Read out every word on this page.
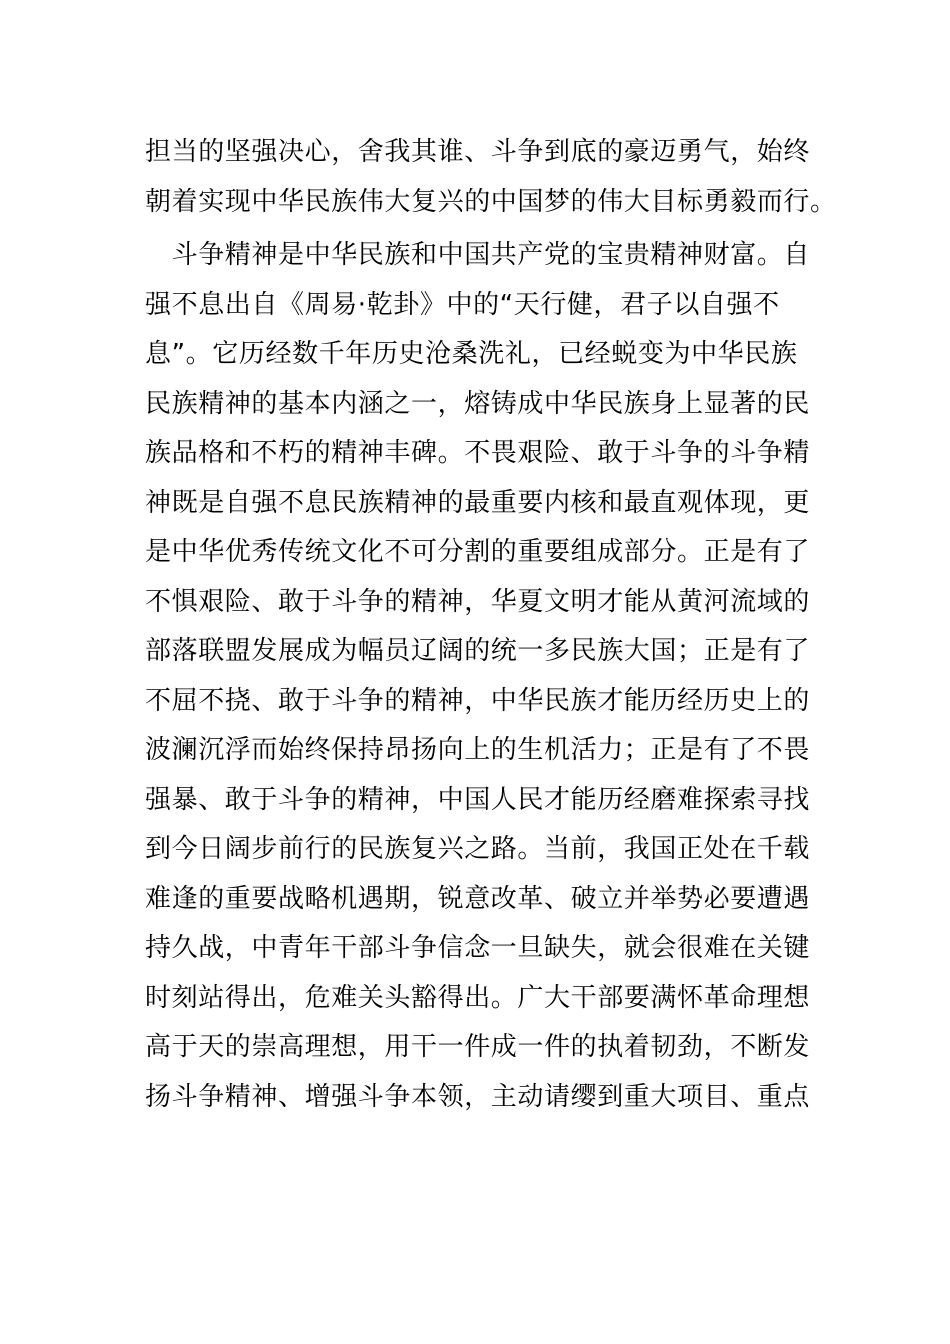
担当的坚强决心，舍我其谁、斗争到底的豪迈勇气，始终
朝着实现中华民族伟大复兴的中国梦的伟大目标勇毅而行。
　斗争精神是中华民族和中国共产党的宝贵精神财富。自
强不息出自《周易·乾卦》中的“天行健，君子以自强不
息”。它历经数千年历史沧桑洗礼，已经蜕变为中华民族
民族精神的基本内涵之一，熔铸成中华民族身上显著的民
族品格和不朽的精神丰碑。不畏艰险、敢于斗争的斗争精
神既是自强不息民族精神的最重要内核和最直观体现，更
是中华优秀传统文化不可分割的重要组成部分。正是有了
不惧艰险、敢于斗争的精神，华夏文明才能从黄河流域的
部落联盟发展成为幅员辽阔的统一多民族大国；正是有了
不屈不挠、敢于斗争的精神，中华民族才能历经历史上的
波澜沉浮而始终保持昂扬向上的生机活力；正是有了不畏
强暴、敢于斗争的精神，中国人民才能历经磨难探索寻找
到今日阔步前行的民族复兴之路。当前，我国正处在千载
难逢的重要战略机遇期，锐意改革、破立并举势必要遭遇
持久战，中青年干部斗争信念一旦缺失，就会很难在关键
时刻站得出，危难关头豁得出。广大干部要满怀革命理想
高于天的崇高理想，用干一件成一件的执着韧劲，不断发
扬斗争精神、增强斗争本领，主动请缨到重大项目、重点
